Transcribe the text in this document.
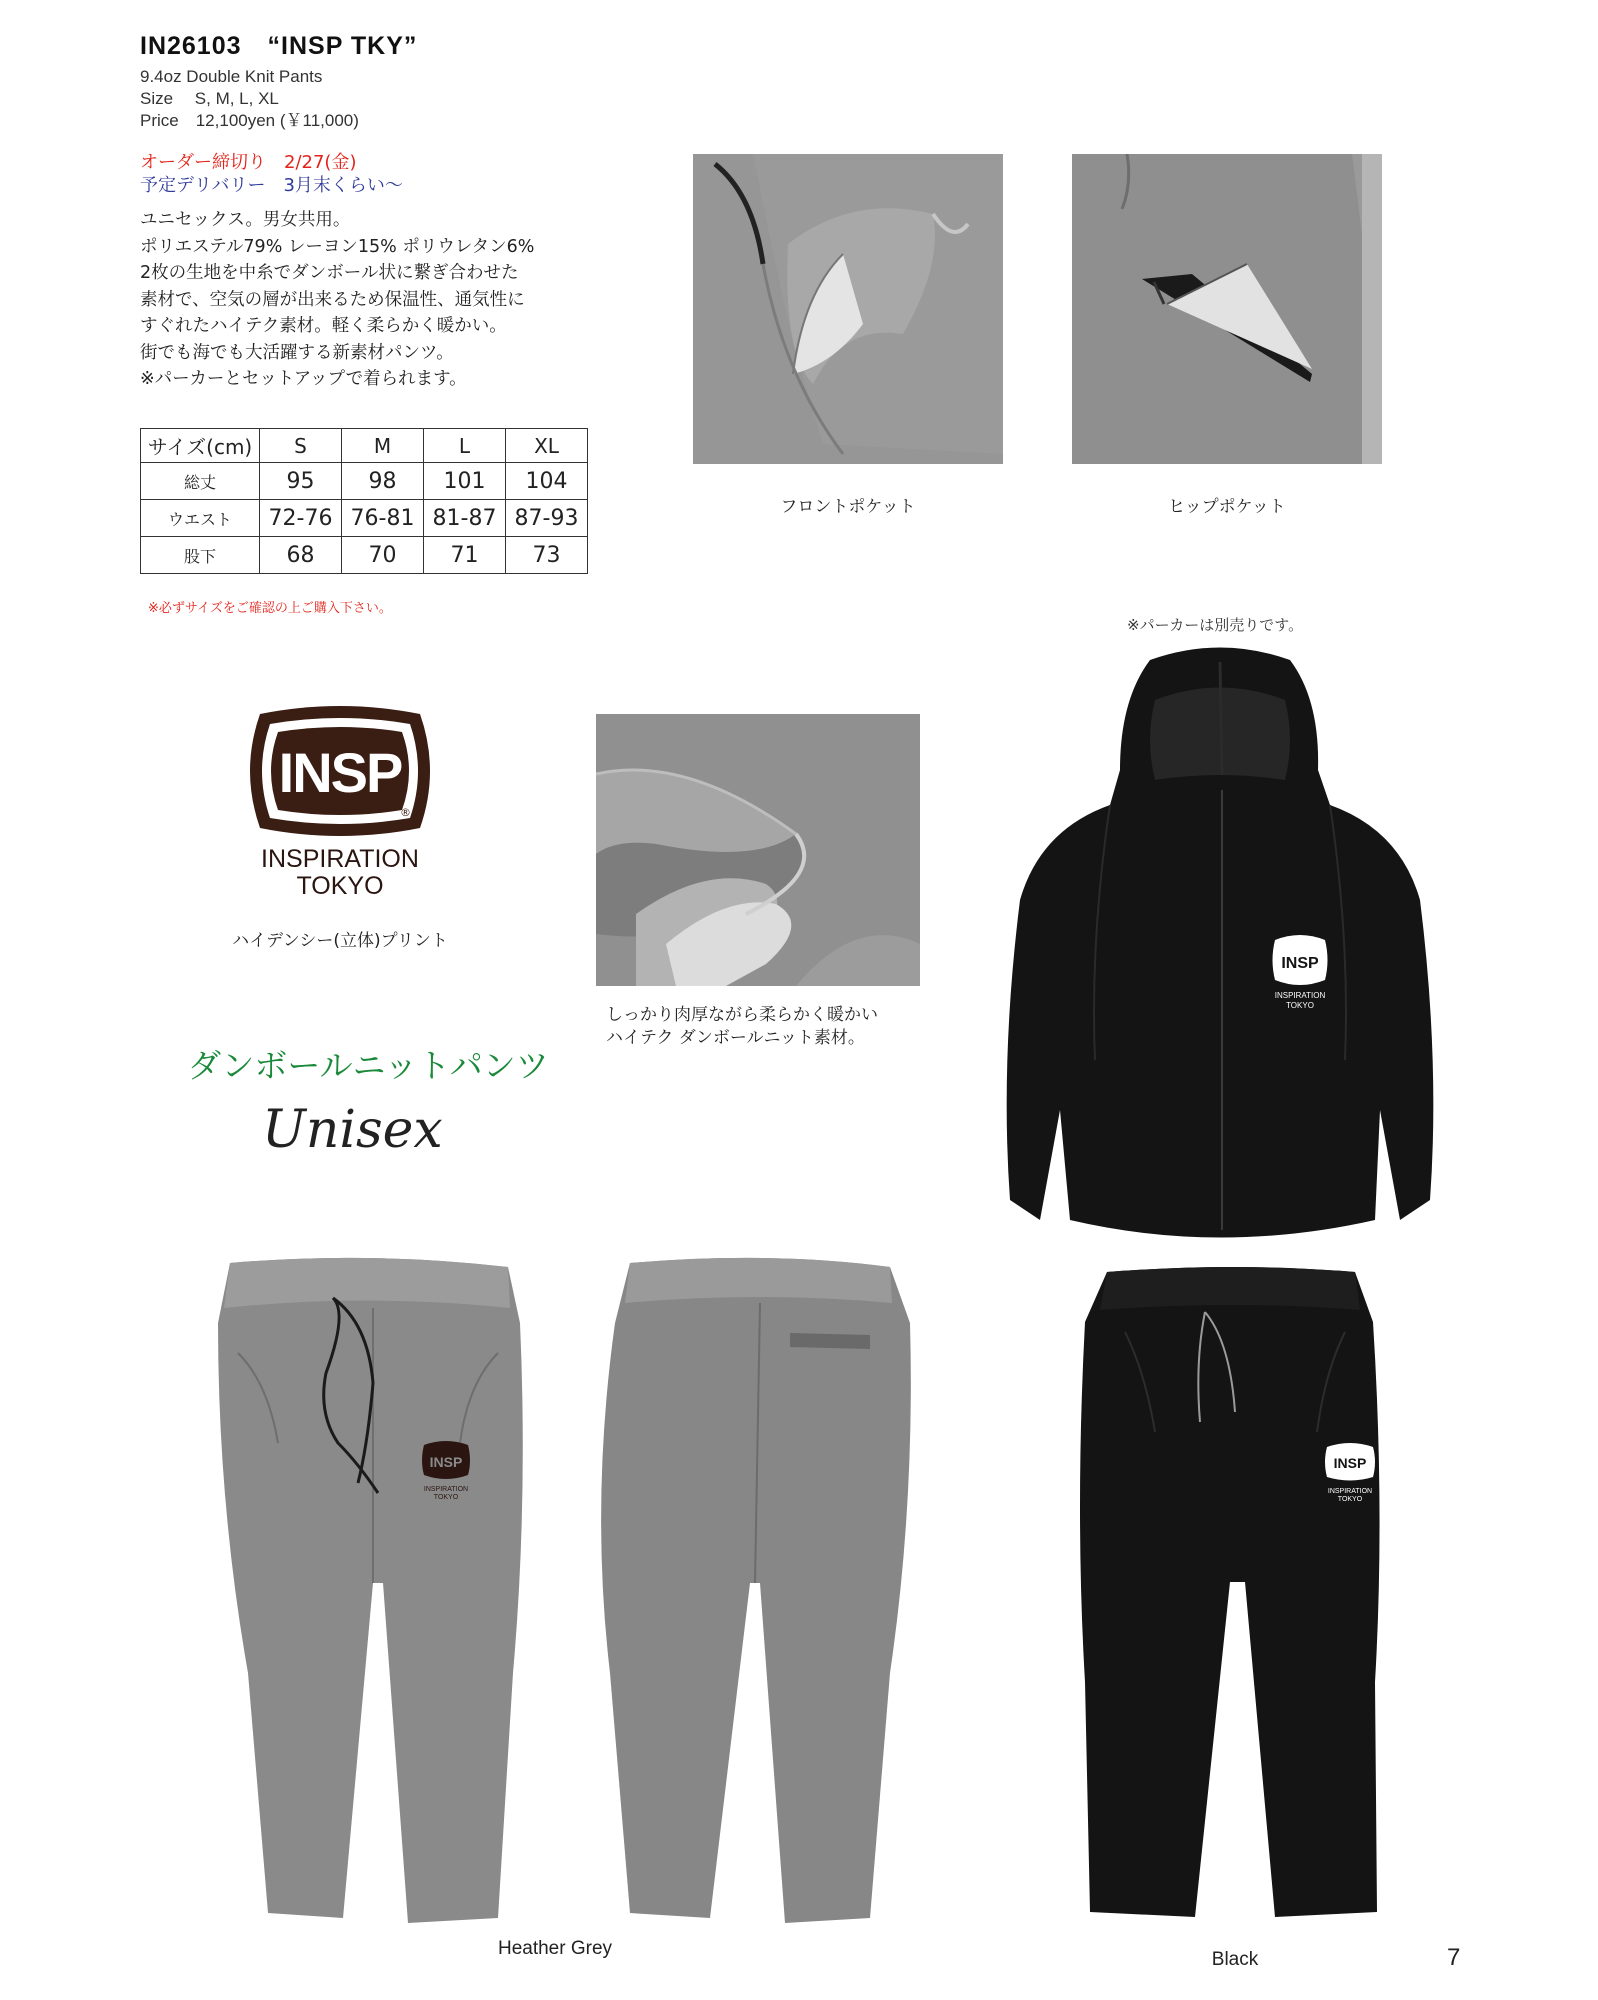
IN26103　“INSP TKY”
9.4oz Double Knit Pants
Size　 S, M, L, XL
Price　12,100yen (￥11,000)
オーダー締切り　2/27(金)
予定デリバリー　3月末くらい〜
ユニセックス。男女共用。
ポリエステル79% レーヨン15% ポリウレタン6%
2枚の生地を中糸でダンボール状に繋ぎ合わせた
素材で、空気の層が出来るため保温性、通気性に
すぐれたハイテク素材。軽く柔らかく暖かい。
街でも海でも大活躍する新素材パンツ。
※パーカーとセットアップで着られます。
サイズ(cm)	S	M	L	XL
総丈	95	98	101	104
ウエスト	72-76	76-81	81-87	87-93
股下	68	70	71	73
※必ずサイズをご確認の上ご購入下さい。
フロントポケット	ヒップポケット
※パーカーは別売りです。
INSP
®
INSPIRATION
TOKYO
ハイデンシー(立体)プリント
しっかり肉厚ながら柔らかく暖かい
ハイテク ダンボールニット素材。
ダンボールニットパンツ
Unisex
INSP
INSPIRATION
TOKYO
INSP
INSPIRATION
TOKYO
INSP
INSPIRATION
TOKYO
Heather Grey
Black	7
